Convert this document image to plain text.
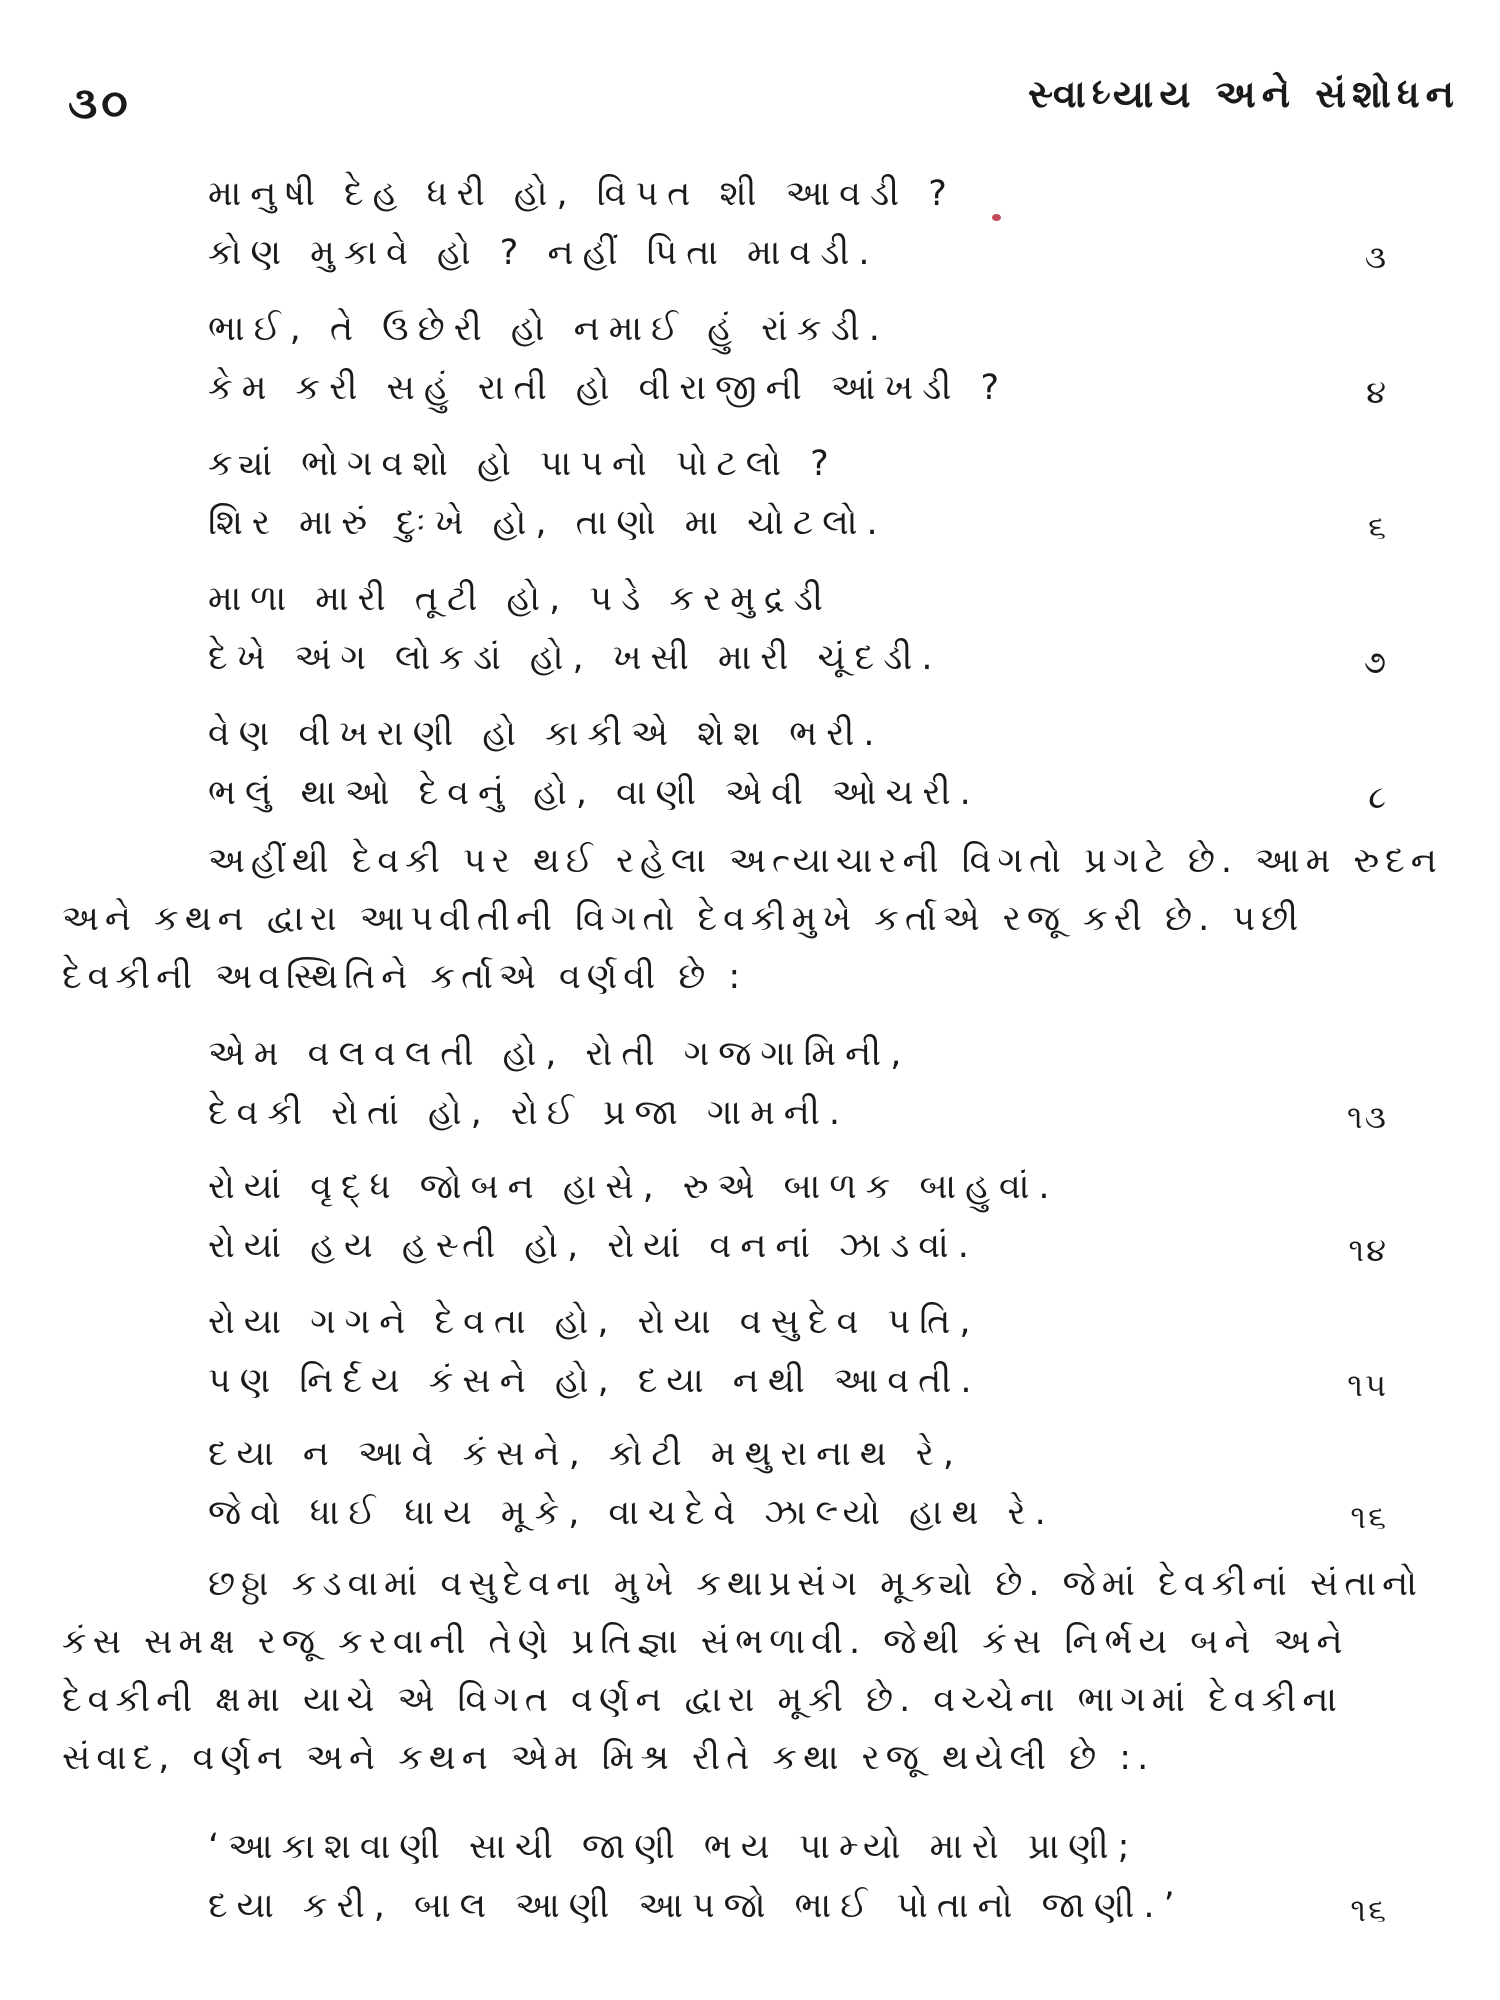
૩૦	સ્વાધ્યાય અને સંશોધન
માનુષી દેહ ધરી હો, વિપત શી આવડી ?
કોણ મુકાવે હો ? નહીં પિતા માવડી.	૩
ભાઈ, તે ઉછેરી હો નમાઈ હું રાંકડી.
કેમ કરી સહું રાતી હો વીરાજીની આંખડી ?	૪
ક્યાં ભોગવશો હો પાપનો પોટલો ?
શિર મારું દુઃખે હો, તાણો મા ચોટલો.	૬
માળા મારી તૂટી હો, પડે કરમુદ્રડી
દેખે અંગ લોકડાં હો, ખસી મારી ચૂંદડી.	૭
વેણ વીખરાણી હો કાકીએ શેશ ભરી.
ભલું થાઓ દેવનું હો, વાણી એવી ઓચરી.	૮
અહીંથી દેવકી પર થઈ રહેલા અત્યાચારની વિગતો પ્રગટે છે. આમ રુદન
અને કથન દ્વારા આપવીતીની વિગતો દેવકીમુખે કર્તાએ રજૂ કરી છે. પછી
દેવકીની અવસ્થિતિને કર્તાએ વર્ણવી છે :
એમ વલવલતી હો, રોતી ગજગામિની,
દેવકી રોતાં હો, રોઈ પ્રજા ગામની.	૧૩
રોયાં વૃદ્ધ જોબન હાસે, રુએ બાળક બાહુવાં.
રોયાં હય હસ્તી હો, રોયાં વનનાં ઝાડવાં.	૧૪
રોયા ગગને દેવતા હો, રોયા વસુદેવ પતિ,
પણ નિર્દય કંસને હો, દયા નથી આવતી.	૧૫
દયા ન આવે કંસને, કોટી મથુરાનાથ રે,
જેવો ધાઈ ધાય મૂકે, વાચદેવે ઝાલ્યો હાથ રે.	૧૬
છઠ્ઠા કડવામાં વસુદેવના મુખે કથાપ્રસંગ મૂક્યો છે. જેમાં દેવકીનાં સંતાનો
કંસ સમક્ષ રજૂ કરવાની તેણે પ્રતિજ્ઞા સંભળાવી. જેથી કંસ નિર્ભય બને અને
દેવકીની ક્ષમા યાચે એ વિગત વર્ણન દ્વારા મૂકી છે. વચ્ચેના ભાગમાં દેવકીના
સંવાદ, વર્ણન અને કથન એમ મિશ્ર રીતે કથા રજૂ થયેલી છે :.
‘આકાશવાણી સાચી જાણી ભય પામ્યો મારો પ્રાણી;
દયા કરી, બાલ આણી આપજો ભાઈ પોતાનો જાણી.’	૧૬
